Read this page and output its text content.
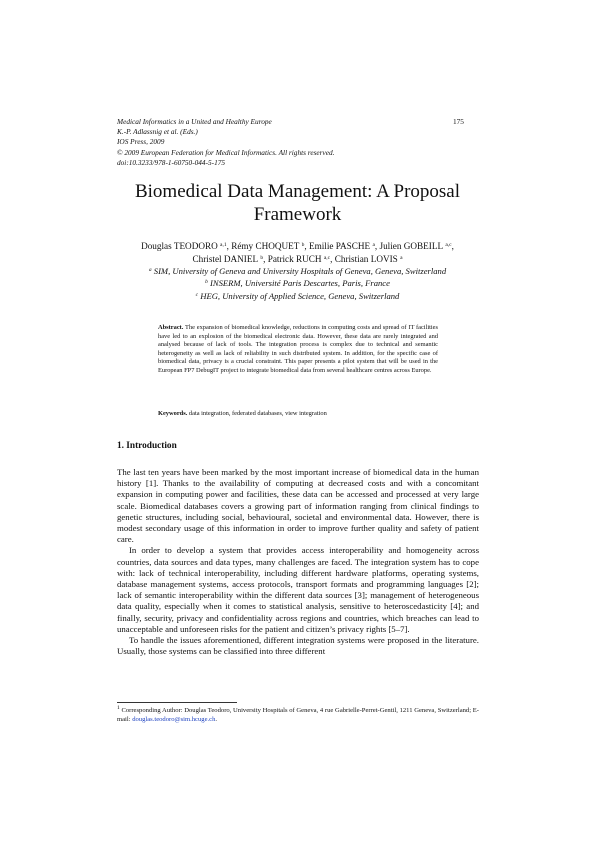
Medical Informatics in a United and Healthy Europe
K.-P. Adlassnig et al. (Eds.)
IOS Press, 2009
© 2009 European Federation for Medical Informatics. All rights reserved.
doi:10.3233/978-1-60750-044-5-175
175
Biomedical Data Management: A Proposal
Framework
Douglas TEODORO $^{a,1}$, Rémy CHOQUET $^b$, Emilie PASCHE $^a$, Julien GOBEILL $^{a,c}$,
Christel DANIEL $^b$, Patrick RUCH $^{a,c}$, Christian LOVIS $^a$
$^a$ SIM, University of Geneva and University Hospitals of Geneva, Geneva, Switzerland
$^b$ INSERM, Université Paris Descartes, Paris, France
$^c$ HEG, University of Applied Science, Geneva, Switzerland
Abstract. The expansion of biomedical knowledge, reductions in computing costs and spread of IT facilities have led to an explosion of the biomedical electronic data. However, these data are rarely integrated and analysed because of lack of tools. The integration process is complex due to technical and semantic heterogeneity as well as lack of reliability in such distributed system. In addition, for the specific case of biomedical data, privacy is a crucial constraint. This paper presents a pilot system that will be used in the European FP7 DebugIT project to integrate biomedical data from several healthcare centres across Europe.
Keywords. data integration, federated databases, view integration
1. Introduction

The last ten years have been marked by the most important increase of biomedical data in the human history [1]. Thanks to the availability of computing at decreased costs and with a concomitant expansion in computing power and facilities, these data can be accessed and processed at very large scale. Biomedical databases covers a growing part of information ranging from clinical findings to genetic structures, including social, behavioural, societal and environmental data. However, there is modest secondary usage of this information in order to improve further quality and safety of patient care.

In order to develop a system that provides access interoperability and homogeneity across countries, data sources and data types, many challenges are faced. The integration system has to cope with: lack of technical interoperability, including different hardware platforms, operating systems, database management systems, access protocols, transport formats and programming languages [2]; lack of semantic interoperability within the different data sources [3]; management of heterogeneous data quality, especially when it comes to statistical analysis, sensitive to heteroscedasticity [4]; and finally, security, privacy and confidentiality across regions and countries, which breaches can lead to unacceptable and unforeseen risks for the patient and citizen’s privacy rights [5–7].

To handle the issues aforementioned, different integration systems were proposed in the literature. Usually, those systems can be classified into three different

$^1$ Corresponding Author: Douglas Teodoro, University Hospitals of Geneva, 4 rue Gabrielle-Perret-Gentil, 1211 Geneva, Switzerland; E-mail: douglas.teodoro@sim.hcuge.ch.
